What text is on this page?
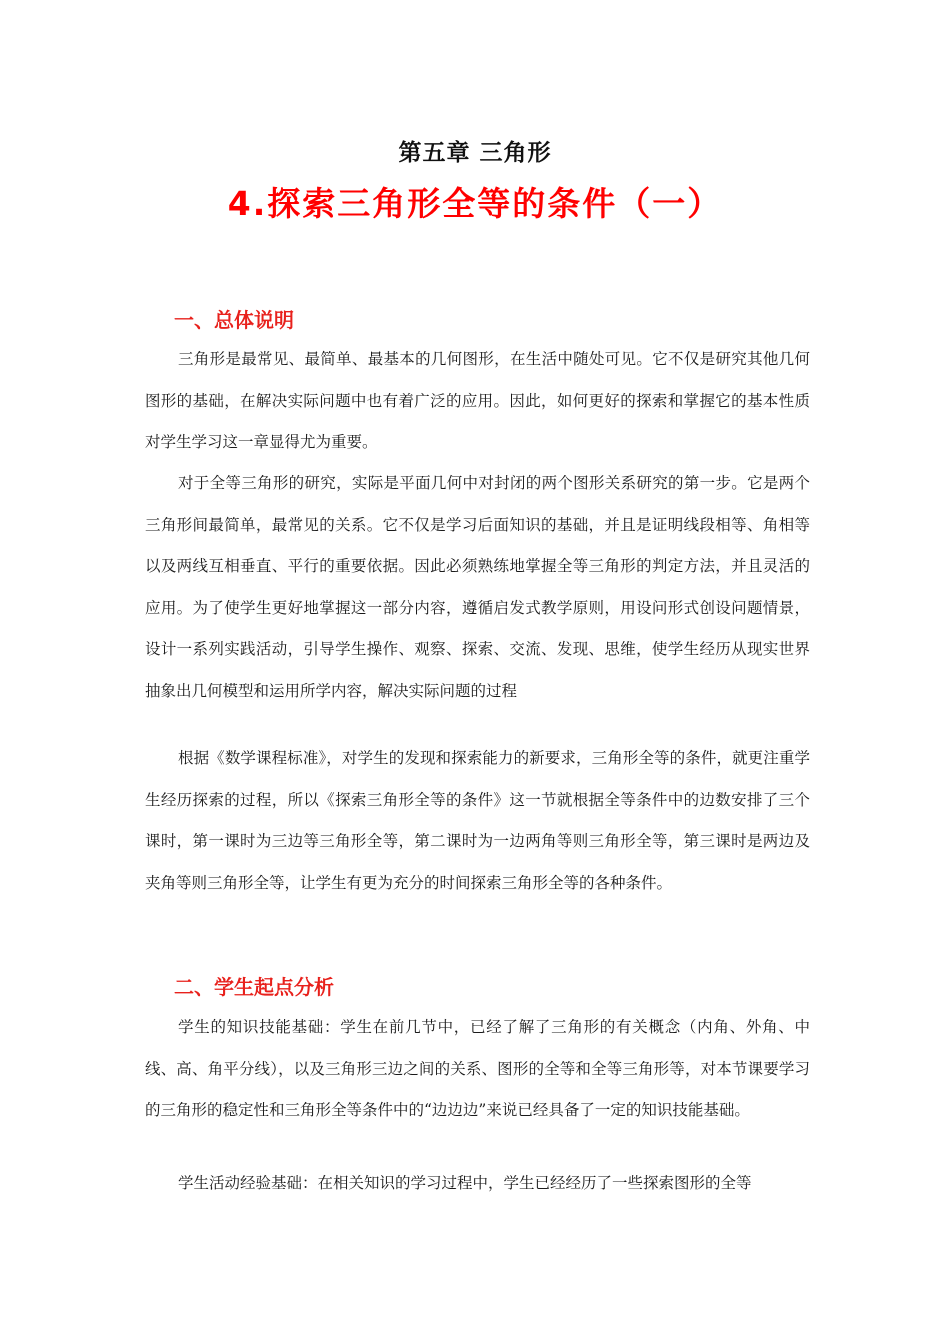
第五章 三角形
4.探索三角形全等的条件（一）
一、总体说明

三角形是最常见、最简单、最基本的几何图形，在生活中随处可见。它不仅是研究其他几何图形的基础，在解决实际问题中也有着广泛的应用。因此，如何更好的探索和掌握它的基本性质对学生学习这一章显得尤为重要。

对于全等三角形的研究，实际是平面几何中对封闭的两个图形关系研究的第一步。它是两个三角形间最简单，最常见的关系。它不仅是学习后面知识的基础，并且是证明线段相等、角相等以及两线互相垂直、平行的重要依据。因此必须熟练地掌握全等三角形的判定方法，并且灵活的应用。为了使学生更好地掌握这一部分内容，遵循启发式教学原则，用设问形式创设问题情景，设计一系列实践活动，引导学生操作、观察、探索、交流、发现、思维，使学生经历从现实世界抽象出几何模型和运用所学内容，解决实际问题的过程

根据《数学课程标准》，对学生的发现和探索能力的新要求，三角形全等的条件，就更注重学生经历探索的过程，所以《探索三角形全等的条件》这一节就根据全等条件中的边数安排了三个课时，第一课时为三边等三角形全等，第二课时为一边两角等则三角形全等，第三课时是两边及夹角等则三角形全等，让学生有更为充分的时间探索三角形全等的各种条件。

二、学生起点分析

学生的知识技能基础：学生在前几节中，已经了解了三角形的有关概念（内角、外角、中线、高、角平分线），以及三角形三边之间的关系、图形的全等和全等三角形等，对本节课要学习的三角形的稳定性和三角形全等条件中的“边边边”来说已经具备了一定的知识技能基础。

学生活动经验基础：在相关知识的学习过程中，学生已经经历了一些探索图形的全等
